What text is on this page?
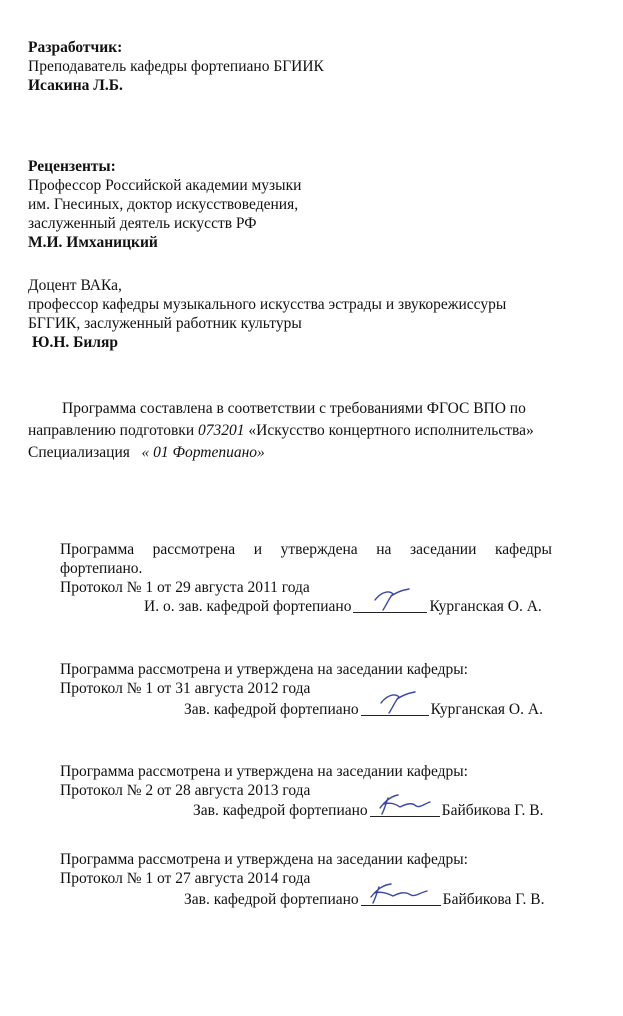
Разработчик:
Преподаватель кафедры фортепиано БГИИК
Исакина Л.Б.
Рецензенты:
Профессор Российской академии музыки
им. Гнесиных, доктор искусствоведения,
заслуженный деятель искусств РФ
М.И. Имханицкий
Доцент ВАКа,
профессор кафедры музыкального искусства эстрады и звукорежиссуры
БГГИК, заслуженный работник культуры
Ю.Н. Биляр
Программа составлена в соответствии с требованиями ФГОС ВПО по
направлению подготовки 073201 «Искусство концертного исполнительства»
Специализация « 01 Фортепиано»
Программа рассмотрена и утверждена на заседании кафедры
фортепиано.
Протокол № 1 от 29 августа 2011 года
И. о. зав. кафедрой фортепиано	Курганская О. А.
Программа рассмотрена и утверждена на заседании кафедры:
Протокол № 1 от 31 августа 2012 года
Зав. кафедрой фортепиано	Курганская О. А.
Программа рассмотрена и утверждена на заседании кафедры:
Протокол № 2 от 28 августа 2013 года
Зав. кафедрой фортепиано	Байбикова Г. В.
Программа рассмотрена и утверждена на заседании кафедры:
Протокол № 1 от 27 августа 2014 года
Зав. кафедрой фортепиано	Байбикова Г. В.
